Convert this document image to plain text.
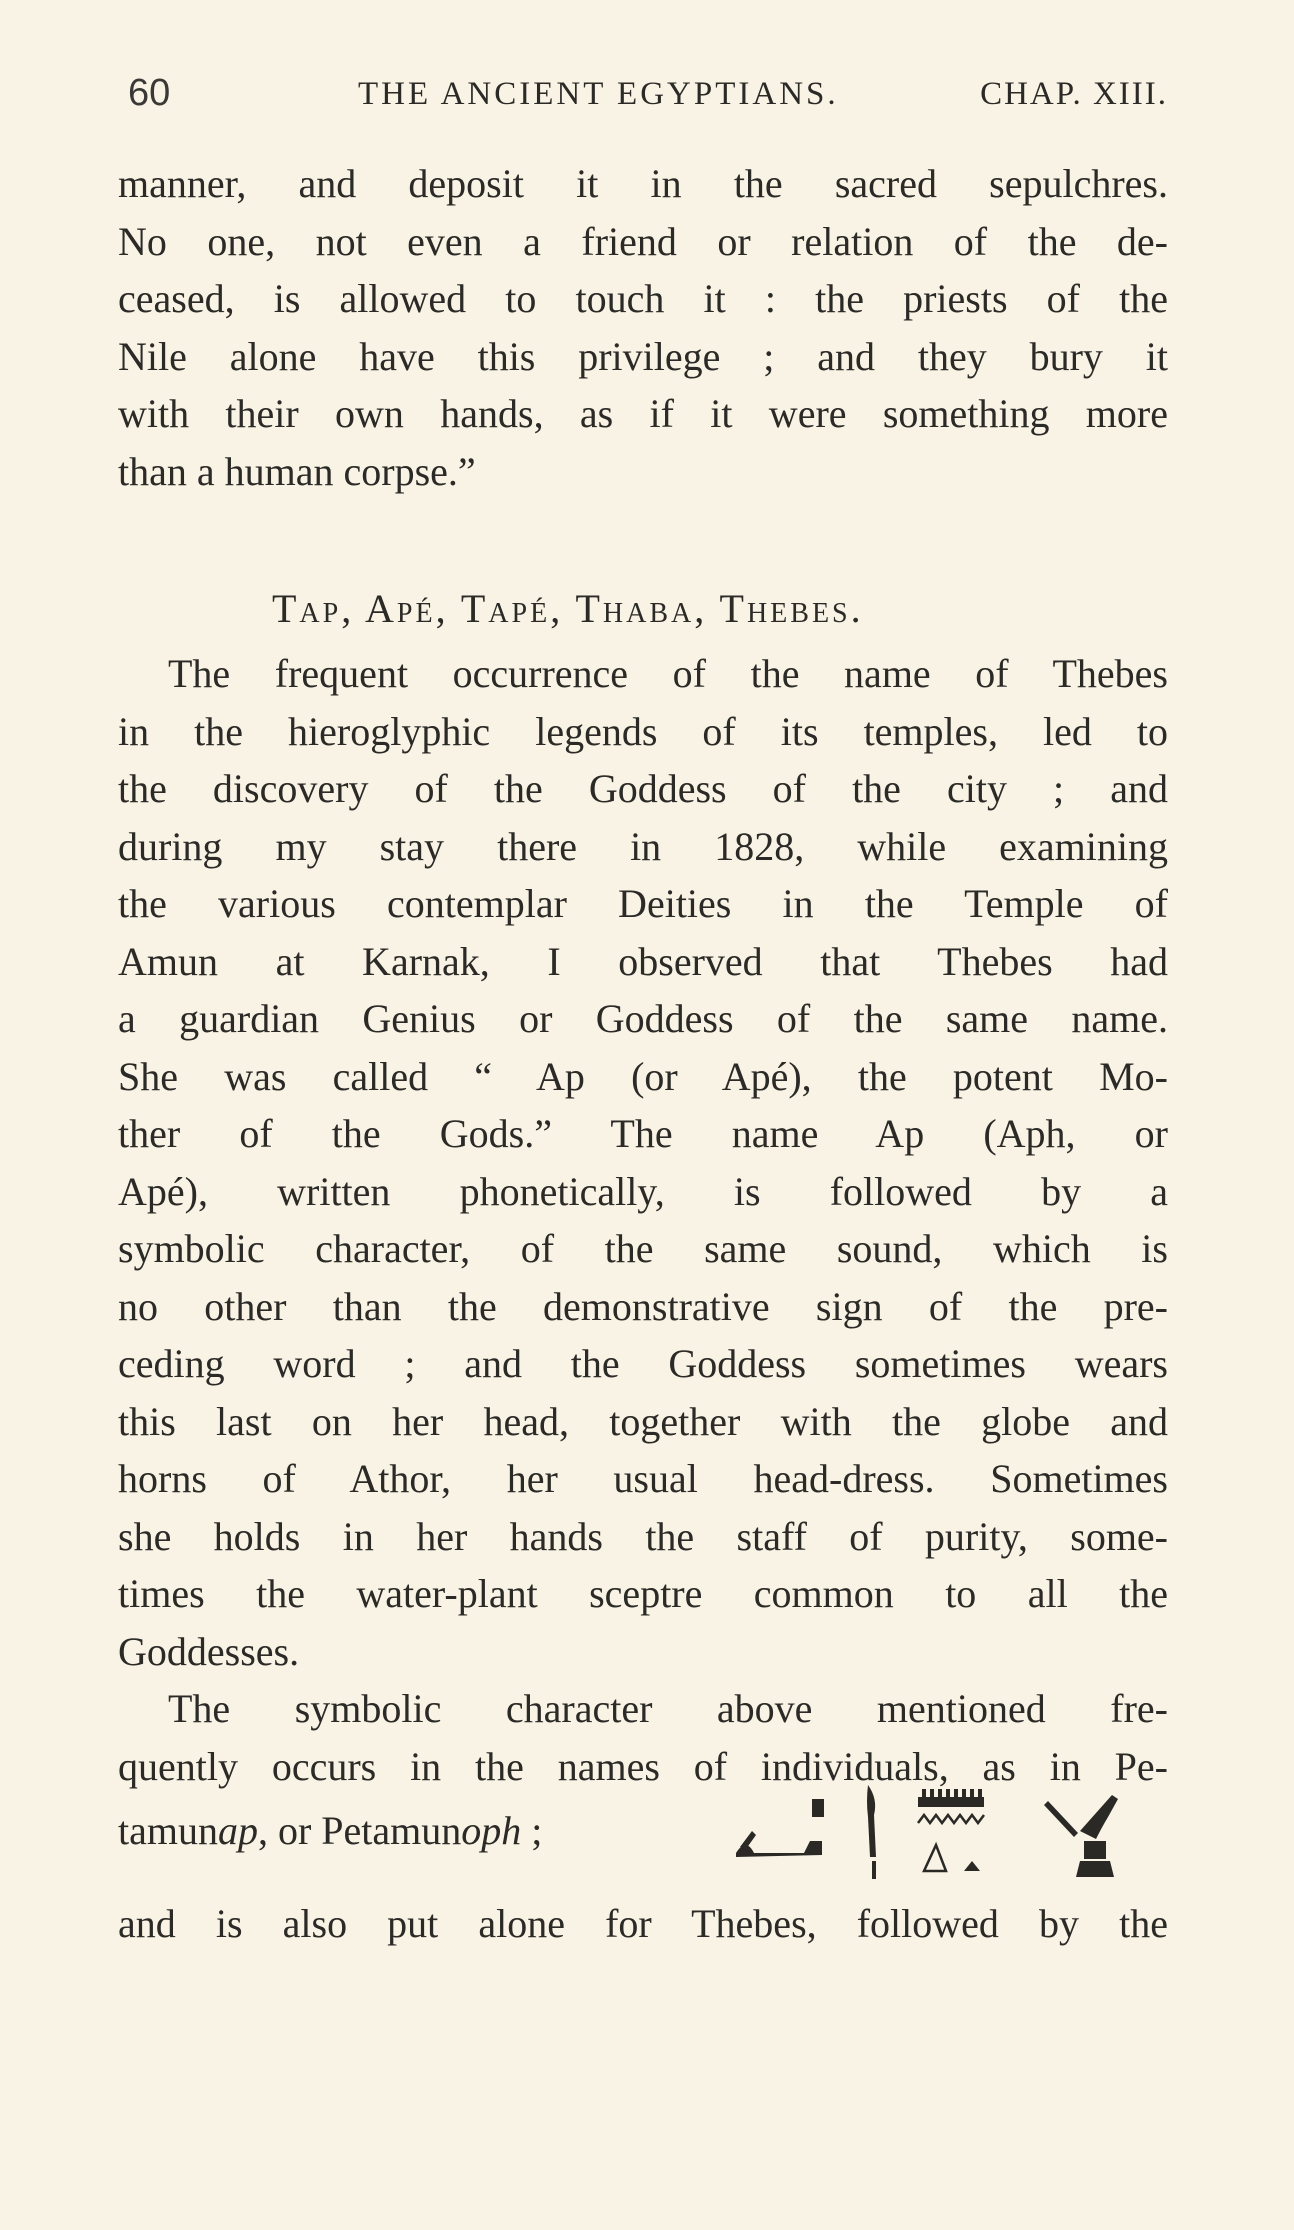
60	THE ANCIENT EGYPTIANS.	CHAP. XIII.
manner, and deposit it in the sacred sepulchres.
No one, not even a friend or relation of the de-
ceased, is allowed to touch it : the priests of the
Nile alone have this privilege ; and they bury it
with their own hands, as if it were something more
than a human corpse.”
Tap, Apé, Tapé, Thaba, Thebes.
The frequent occurrence of the name of Thebes
in the hieroglyphic legends of its temples, led to
the discovery of the Goddess of the city ; and
during my stay there in 1828, while examining
the various contemplar Deities in the Temple of
Amun at Karnak, I observed that Thebes had
a guardian Genius or Goddess of the same name.
She was called “ Ap (or Apé), the potent Mo-
ther of the Gods.” The name Ap (Aph, or
Apé), written phonetically, is followed by a
symbolic character, of the same sound, which is
no other than the demonstrative sign of the pre-
ceding word ; and the Goddess sometimes wears
this last on her head, together with the globe and
horns of Athor, her usual head-dress. Sometimes
she holds in her hands the staff of purity, some-
times the water-plant sceptre common to all the
Goddesses.
The symbolic character above mentioned fre-
quently occurs in the names of individuals, as in Pe-
tamunap, or Petamunoph ;
and is also put alone for Thebes, followed by the
